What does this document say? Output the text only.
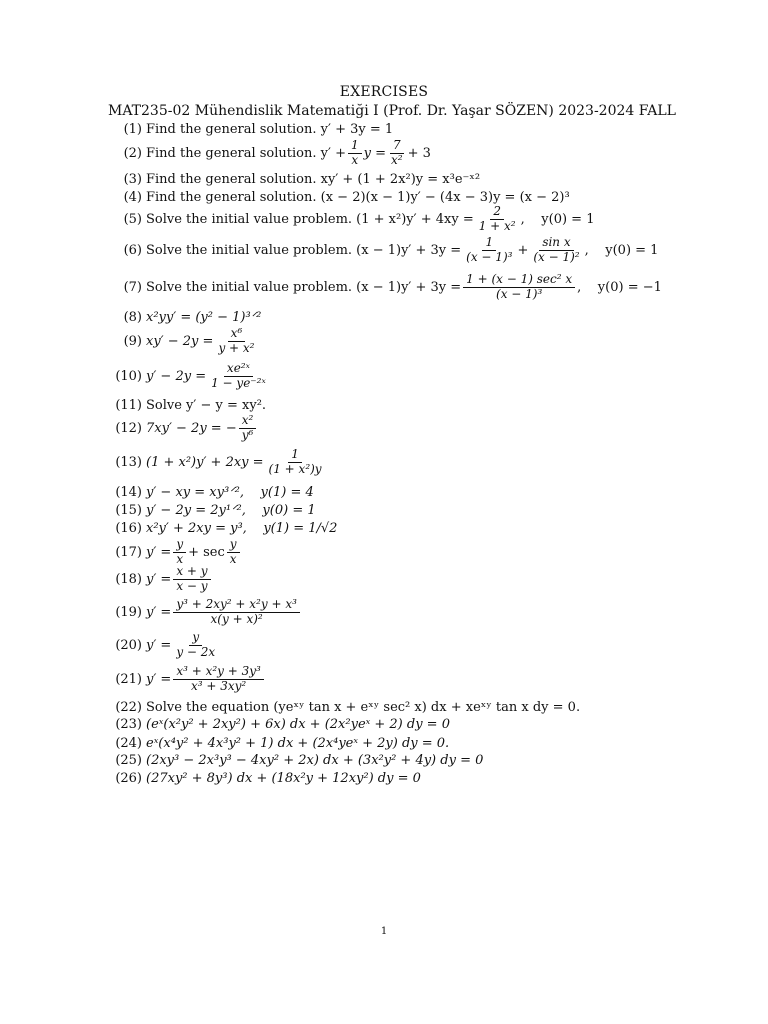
EXERCISES
MAT235-02 Mühendislik Matematiği I (Prof. Dr. Yaşar SÖZEN) 2023-2024 FALL
(1) Find the general solution. y′ + 3y = 1
(2) Find the general solution. $y' + \frac{1}{x}$ $y = \frac{7}{\text{x²}} + 3$
(3) Find the general solution. xy′ + (1 + 2x²)y = x³e⁻ˣ²
(4) Find the general solution. (x − 2)(x − 1)y′ − (4x − 3)y = (x − 2)³
(5) Solve the initial value problem. $(1 + x^2)y' + 4xy = \frac{2}{\text{1 + x²}}$ ,    y(0) = 1
(6) Solve the initial value problem. $(x - 1)y' + 3y = \frac{1}{\text{(x − 1)³}} + \frac{\text{sin x}}{\text{(x − 1)²}}$ ,    y(0) = 1
(7) Solve the initial value problem. $(x - 1)y' + 3y = \frac{\text{1 + (x − 1) sec² x}}{\text{(x − 1)³}}$ ,    y(0) = −1
(8) x²yy′ = (y² − 1)³ᐟ²
(9) $xy' - 2y = \frac{\text{x⁶}}{\text{y + x²}}$
(10) $y' - 2y = \frac{\text{xe²ˣ}}{\text{1 − ye⁻²ˣ}}$
(11) Solve y′ − y = xy².
(12) 7xy′ − 2y = − $\frac{\text{x²}}{\text{y⁶}}$
(13) $(1 + x^2)y' + 2xy = \frac{1}{\text{(1 + x²)y}}$
(14) y′ − xy = xy³ᐟ²,    y(1) = 4
(15) y′ − 2y = 2y¹ᐟ²,    y(0) = 1
(16) x²y′ + 2xy = y³,    y(1) = 1/√2
(17) $y' = \frac{y}{x} + \sec \frac{y}{x}$
(18) $y' = \frac{x + y}{x - y}$
(19) $y' = \frac{\text{y³ + 2xy² + x²y + x³}}{\text{x(y + x)²}}$
(20) $y' = \frac{y}{y - 2x}$
(21) $y' = \frac{\text{x³ + x²y + 3y³}}{\text{x³ + 3xy²}}$
(22) Solve the equation (yeˣʸ tan x + eˣʸ sec² x) dx + xeˣʸ tan x dy = 0.
(23) (eˣ(x²y² + 2xy²) + 6x) dx + (2x²yeˣ + 2) dy = 0
(24) eˣ(x⁴y² + 4x³y² + 1) dx + (2x⁴yeˣ + 2y) dy = 0.
(25) (2xy³ − 2x³y³ − 4xy² + 2x) dx + (3x²y² + 4y) dy = 0
(26) (27xy² + 8y³) dx + (18x²y + 12xy²) dy = 0
1
